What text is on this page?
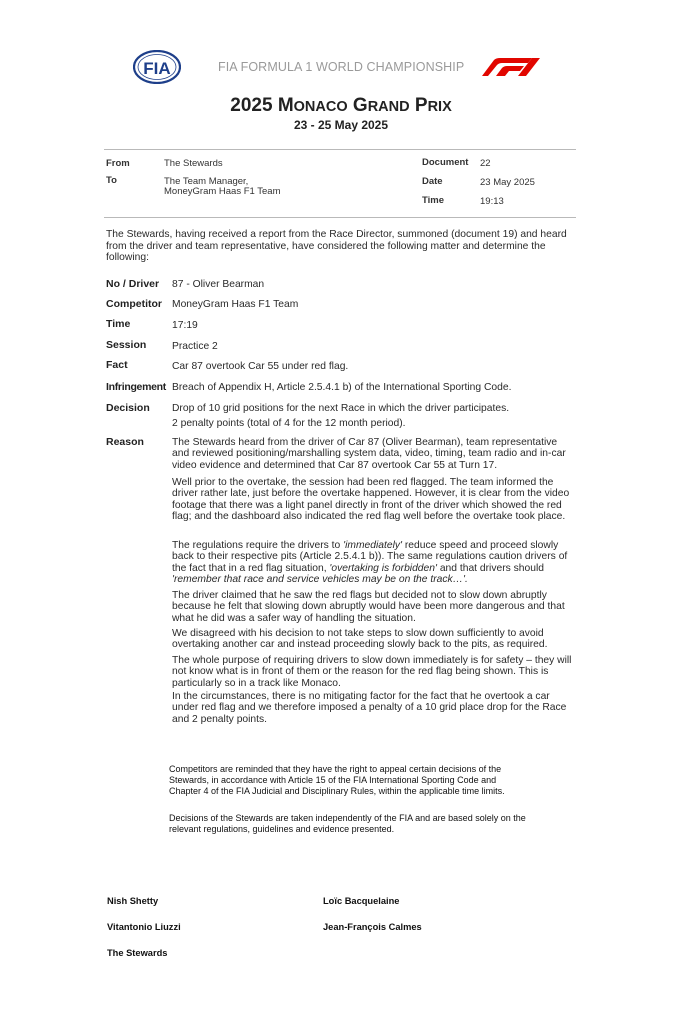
FIA	FIA FORMULA 1 WORLD CHAMPIONSHIP
2025 MONACO GRAND PRIX
23 - 25 May 2025
From	The Stewards
To	The Team Manager,
MoneyGram Haas F1 Team
Document 22
Date	23 May 2025
Time	19:13
The Stewards, having received a report from the Race Director, summoned (document 19) and heard from the driver and team representative, have considered the following matter and determine the following:
No / Driver 87 - Oliver Bearman
Competitor MoneyGram Haas F1 Team
Time	17:19
Session Practice 2
Fact	Car 87 overtook Car 55 under red flag.
Infringement Breach of Appendix H, Article 2.5.4.1 b) of the International Sporting Code.
Decision Drop of 10 grid positions for the next Race in which the driver participates.
2 penalty points (total of 4 for the 12 month period).
Reason	The Stewards heard from the driver of Car 87 (Oliver Bearman), team representative and reviewed positioning/marshalling system data, video, timing, team radio and in-car video evidence and determined that Car 87 overtook Car 55 at Turn 17.
Well prior to the overtake, the session had been red flagged. The team informed the driver rather late, just before the overtake happened. However, it is clear from the video footage that there was a light panel directly in front of the driver which showed the red flag; and the dashboard also indicated the red flag well before the overtake took place.
The regulations require the drivers to 'immediately' reduce speed and proceed slowly back to their respective pits (Article 2.5.4.1 b)). The same regulations caution drivers of the fact that in a red flag situation, 'overtaking is forbidden' and that drivers should 'remember that race and service vehicles may be on the track…'.
The driver claimed that he saw the red flags but decided not to slow down abruptly because he felt that slowing down abruptly would have been more dangerous and that what he did was a safer way of handling the situation.
We disagreed with his decision to not take steps to slow down sufficiently to avoid overtaking another car and instead proceeding slowly back to the pits, as required.
The whole purpose of requiring drivers to slow down immediately is for safety – they will not know what is in front of them or the reason for the red flag being shown. This is particularly so in a track like Monaco.
In the circumstances, there is no mitigating factor for the fact that he overtook a car under red flag and we therefore imposed a penalty of a 10 grid place drop for the Race and 2 penalty points.
Competitors are reminded that they have the right to appeal certain decisions of the Stewards, in accordance with Article 15 of the FIA International Sporting Code and Chapter 4 of the FIA Judicial and Disciplinary Rules, within the applicable time limits.
Decisions of the Stewards are taken independently of the FIA and are based solely on the relevant regulations, guidelines and evidence presented.
Nish Shetty	Loïc Bacquelaine
Vitantonio Liuzzi	Jean-François Calmes
The Stewards
